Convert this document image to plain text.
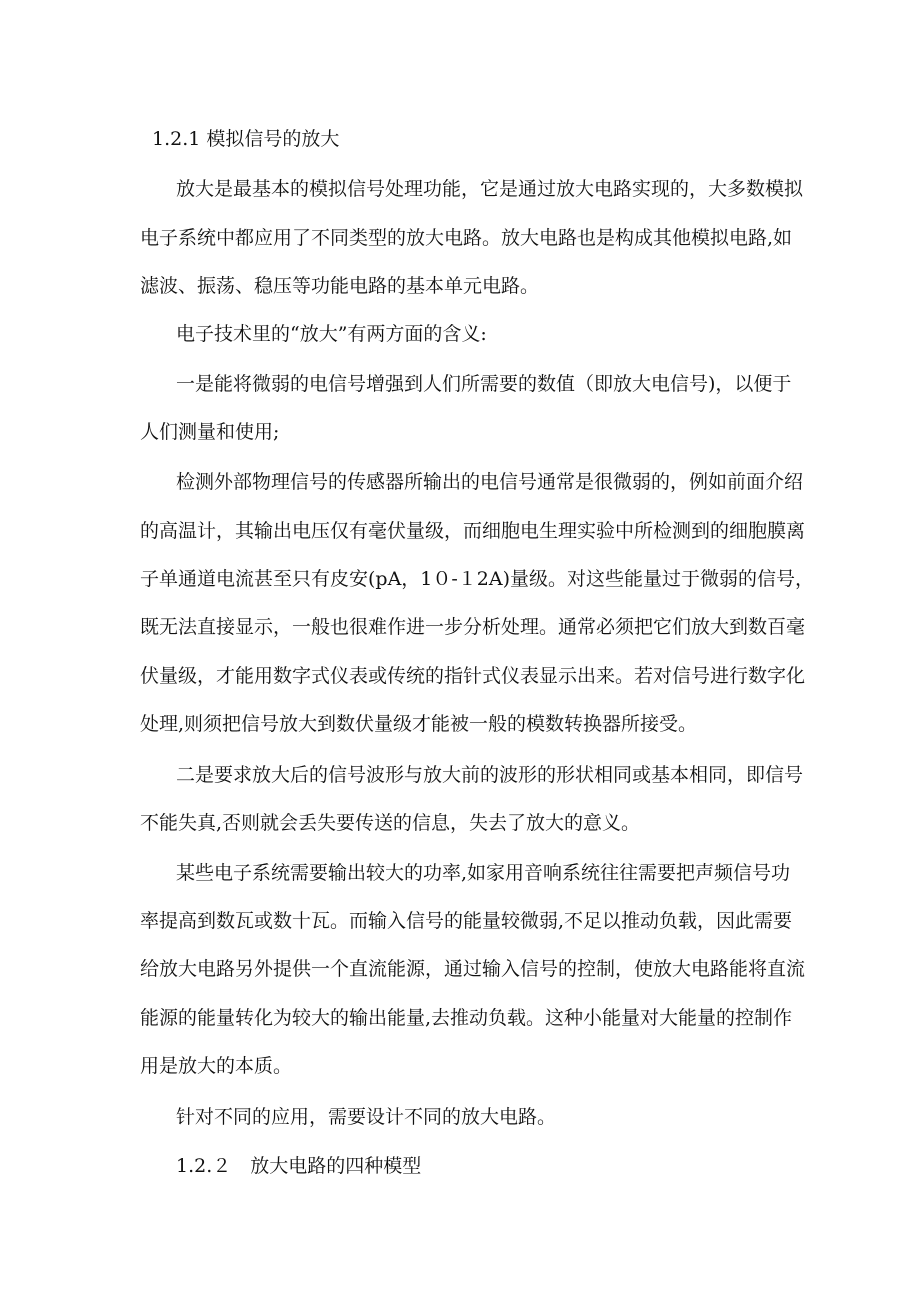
1.2.1 模拟信号的放大
放大是最基本的模拟信号处理功能，它是通过放大电路实现的，大多数模拟
电子系统中都应用了不同类型的放大电路。放大电路也是构成其他模拟电路,如
滤波、振荡、稳压等功能电路的基本单元电路。
电子技术里的“放大”有两方面的含义:
一是能将微弱的电信号增强到人们所需要的数值（即放大电信号)，以便于
人们测量和使用;
检测外部物理信号的传感器所输出的电信号通常是很微弱的，例如前面介绍
的高温计，其输出电压仅有毫伏量级，而细胞电生理实验中所检测到的细胞膜离
子单通道电流甚至只有皮安(pA，1０-１2A)量级。对这些能量过于微弱的信号，
既无法直接显示，一般也很难作进一步分析处理。通常必须把它们放大到数百毫
伏量级，才能用数字式仪表或传统的指针式仪表显示出来。若对信号进行数字化
处理,则须把信号放大到数伏量级才能被一般的模数转换器所接受。
二是要求放大后的信号波形与放大前的波形的形状相同或基本相同，即信号
不能失真,否则就会丢失要传送的信息，失去了放大的意义。
某些电子系统需要输出较大的功率,如家用音响系统往往需要把声频信号功
率提高到数瓦或数十瓦。而输入信号的能量较微弱,不足以推动负载，因此需要
给放大电路另外提供一个直流能源，通过输入信号的控制，使放大电路能将直流
能源的能量转化为较大的输出能量,去推动负载。这种小能量对大能量的控制作
用是放大的本质。
针对不同的应用，需要设计不同的放大电路。
1.2.２　放大电路的四种模型
